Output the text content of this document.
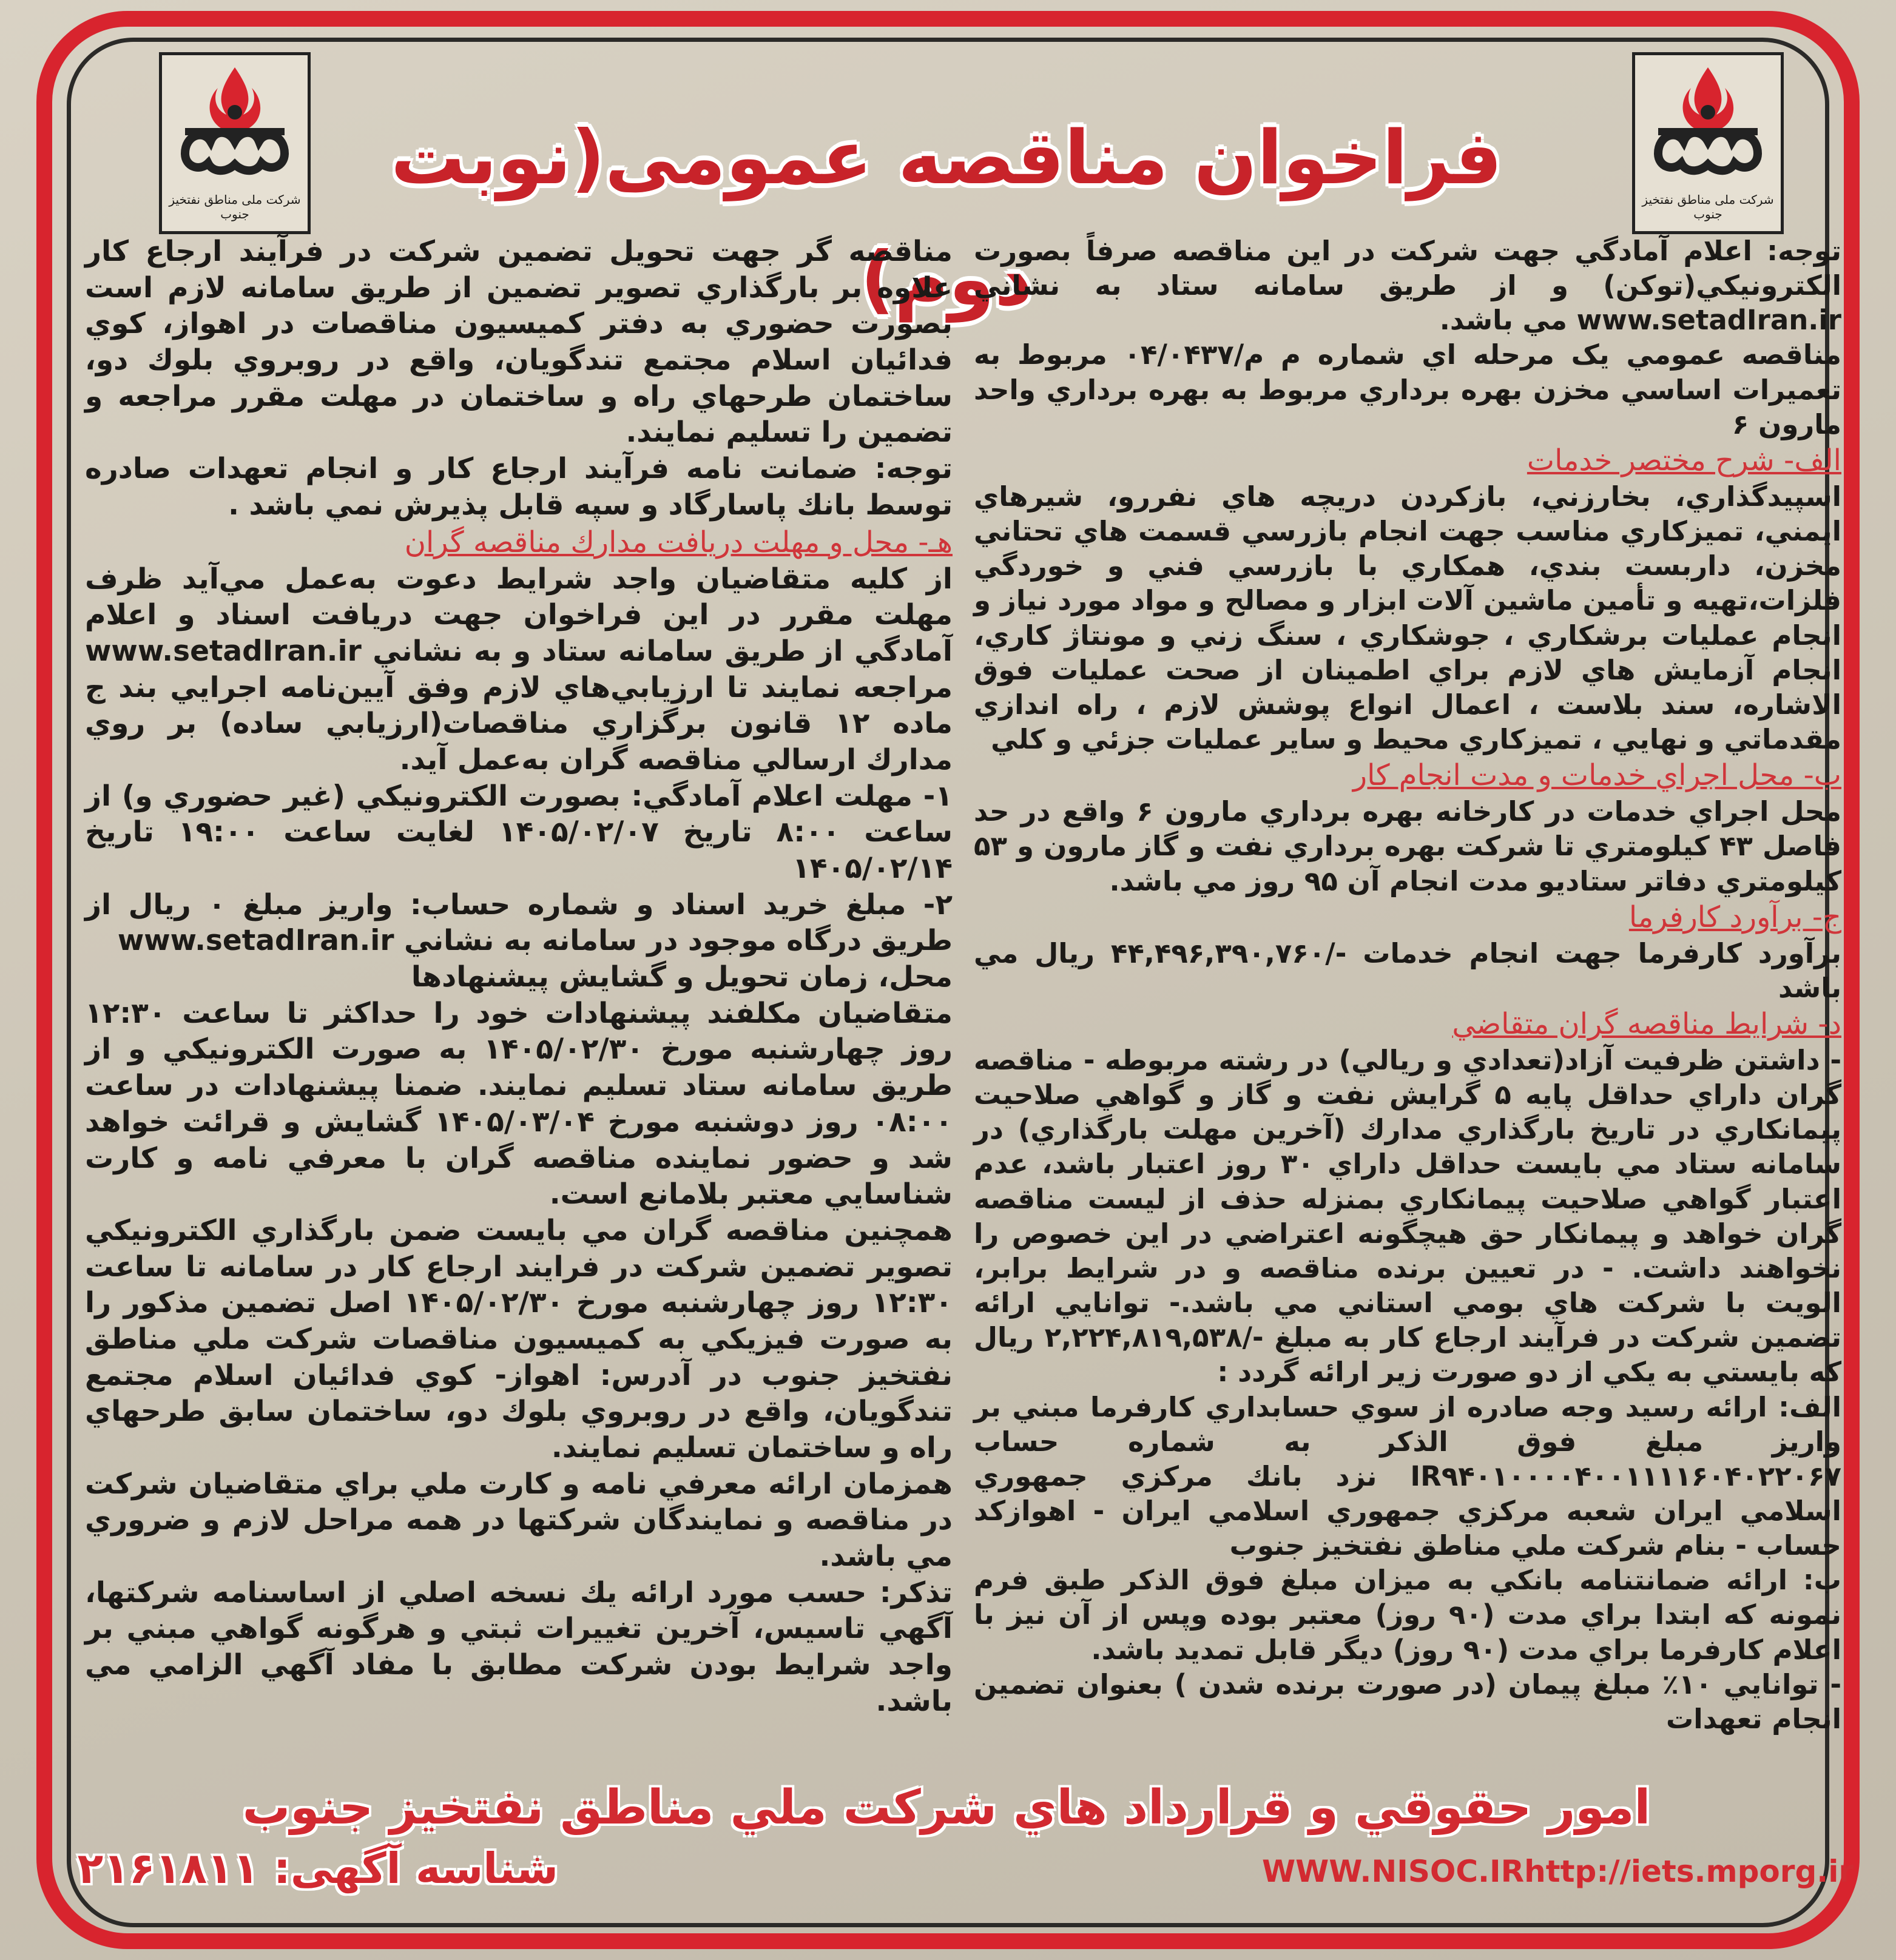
شرکت ملی مناطق نفتخیز جنوب
شرکت ملی مناطق نفتخیز جنوب
فراخوان مناقصه عمومی(نوبت دوم)

توجه: اعلام آمادگي جهت شركت در اين مناقصه صرفاً بصورت الكترونيكي(توكن) و از طريق سامانه ستاد به نشاني www.setadIran.ir مي باشد.

مناقصه عمومي يک مرحله اي شماره م م/۰۴/۰۴۳۷ مربوط به تعميرات اساسي مخزن بهره برداري مربوط به بهره برداري واحد مارون ۶

الف- شرح مختصر خدمات

اسپيدگذاري، بخارزني، بازكردن دريچه هاي نفررو، شيرهاي ايمني، تميزكاري مناسب جهت انجام بازرسي قسمت هاي تحتاني مخزن، داربست بندي، همكاري با بازرسي فني و خوردگي فلزات،تهيه و تأمين ماشين آلات ابزار و مصالح و مواد مورد نياز و انجام عمليات برشكاري ، جوشكاري ، سنگ زني و مونتاژ كاري، انجام آزمايش هاي لازم براي اطمينان از صحت عمليات فوق الاشاره، سند بلاست ، اعمال انواع پوشش لازم ، راه اندازي مقدماتي و نهايي ، تميزكاري محيط و ساير عمليات جزئي و كلي

ب- محل اجراي خدمات و مدت انجام كار

محل اجراي خدمات در كارخانه بهره برداري مارون ۶ واقع در حد فاصل ۴۳ كيلومتري تا شركت بهره برداري نفت و گاز مارون و ۵۳ كيلومتري دفاتر ستاديو مدت انجام آن ۹۵ روز مي باشد.

ج- برآورد كارفرما

برآورد كارفرما جهت انجام خدمات -/۴۴,۴۹۶,۳۹۰,۷۶۰ ريال مي باشد

د- شرايط مناقصه گران متقاضي

- داشتن ظرفيت آزاد(تعدادي و ريالي) در رشته مربوطه - مناقصه گران داراي حداقل پايه ۵ گرايش نفت و گاز و گواهي صلاحيت پيمانكاري در تاريخ بارگذاري مدارك (آخرين مهلت بارگذاري) در سامانه ستاد مي بايست حداقل داراي ۳۰ روز اعتبار باشد، عدم اعتبار گواهي صلاحيت پيمانكاري بمنزله حذف از ليست مناقصه گران خواهد و پيمانكار حق هيچگونه اعتراضي در اين خصوص را نخواهند داشت. - در تعيين برنده مناقصه و در شرايط برابر، الويت با شركت هاي بومي استاني مي باشد.- توانايي ارائه تضمين شركت در فرآيند ارجاع كار به مبلغ -/۲,۲۲۴,۸۱۹,۵۳۸ ريال كه بايستي به يكي از دو صورت زير ارائه گردد :

الف: ارائه رسيد وجه صادره از سوي حسابداري كارفرما مبني بر واريز مبلغ فوق الذكر به شماره حساب IR۹۴۰۱۰۰۰۰۴۰۰۱۱۱۱۶۰۴۰۲۲۰۶۷ نزد بانك مركزي جمهوري اسلامي ايران شعبه مركزي جمهوري اسلامي ايران - اهوازكد حساب - بنام شركت ملي مناطق نفتخيز جنوب

ب: ارائه ضمانتنامه بانكي به ميزان مبلغ فوق الذكر طبق فرم نمونه كه ابتدا براي مدت (۹۰ روز) معتبر بوده وپس از آن نيز با اعلام كارفرما براي مدت (۹۰ روز) ديگر قابل تمديد باشد.

- توانايي ۱۰٪ مبلغ پيمان (در صورت برنده شدن ) بعنوان تضمين انجام تعهدات

مناقصه گر جهت تحويل تضمين شركت در فرآيند ارجاع كار علاوه بر بارگذاري تصوير تضمين از طريق سامانه لازم است بصورت حضوري به دفتر كميسيون مناقصات در اهواز، كوي فدائيان اسلام مجتمع تندگويان، واقع در روبروي بلوك دو، ساختمان طرحهاي راه و ساختمان در مهلت مقرر مراجعه و تضمين را تسليم نمايند.

توجه: ضمانت نامه فرآيند ارجاع كار و انجام تعهدات صادره توسط بانك پاسارگاد و سپه قابل پذيرش نمي باشد .

هـ- محل و مهلت دريافت مدارك مناقصه گران

از كليه متقاضيان واجد شرايط دعوت به‌عمل مي‌آيد ظرف مهلت مقرر در اين فراخوان جهت دريافت اسناد و اعلام آمادگي از طريق سامانه ستاد و به نشاني www.setadIran.ir مراجعه نمايند تا ارزيابي‌هاي لازم وفق آيين‌نامه اجرايي بند ج ماده ۱۲ قانون برگزاري مناقصات(ارزيابي ساده) بر روي مدارك ارسالي مناقصه گران به‌عمل آيد.

۱- مهلت اعلام آمادگي: بصورت الكترونيكي (غير حضوري و) از ساعت ۸:۰۰ تاريخ ۱۴۰۵/۰۲/۰۷ لغايت ساعت ۱۹:۰۰ تاريخ ۱۴۰۵/۰۲/۱۴

۲- مبلغ خريد اسناد و شماره حساب: واريز مبلغ ۰ ريال از طريق درگاه موجود در سامانه به نشاني www.setadIran.ir

محل، زمان تحويل و گشايش پيشنهادها

متقاضيان مكلفند پيشنهادات خود را حداكثر تا ساعت ۱۲:۳۰ روز چهارشنبه مورخ ۱۴۰۵/۰۲/۳۰ به صورت الكترونيكي و از طريق سامانه ستاد تسليم نمايند. ضمنا پيشنهادات در ساعت ۰۸:۰۰ روز دوشنبه مورخ ۱۴۰۵/۰۳/۰۴ گشايش و قرائت خواهد شد و حضور نماينده مناقصه گران با معرفي نامه و كارت شناسايي معتبر بلامانع است.

همچنين مناقصه گران مي بايست ضمن بارگذاري الكترونيكي تصوير تضمين شركت در فرايند ارجاع كار در سامانه تا ساعت ۱۲:۳۰ روز چهارشنبه مورخ ۱۴۰۵/۰۲/۳۰ اصل تضمين مذكور را به صورت فيزيكي به كميسيون مناقصات شركت ملي مناطق نفتخيز جنوب در آدرس: اهواز- كوي فدائيان اسلام مجتمع تندگويان، واقع در روبروي بلوك دو، ساختمان سابق طرحهاي راه و ساختمان تسليم نمايند.

همزمان ارائه معرفي نامه و كارت ملي براي متقاضيان شركت در مناقصه و نمايندگان شركتها در همه مراحل لازم و ضروري مي باشد.

تذكر: حسب مورد ارائه يك نسخه اصلي از اساسنامه شركتها، آگهي تاسيس، آخرين تغييرات ثبتي و هرگونه گواهي مبني بر واجد شرايط بودن شركت مطابق با مفاد آگهي الزامي مي باشد.

امور حقوقي و قرارداد هاي شركت ملي مناطق نفتخيز جنوب
شناسه آگهی: ۲۱۶۱۸۱۱	WWW.NISOC.IRhttp://iets.mporg.ir
